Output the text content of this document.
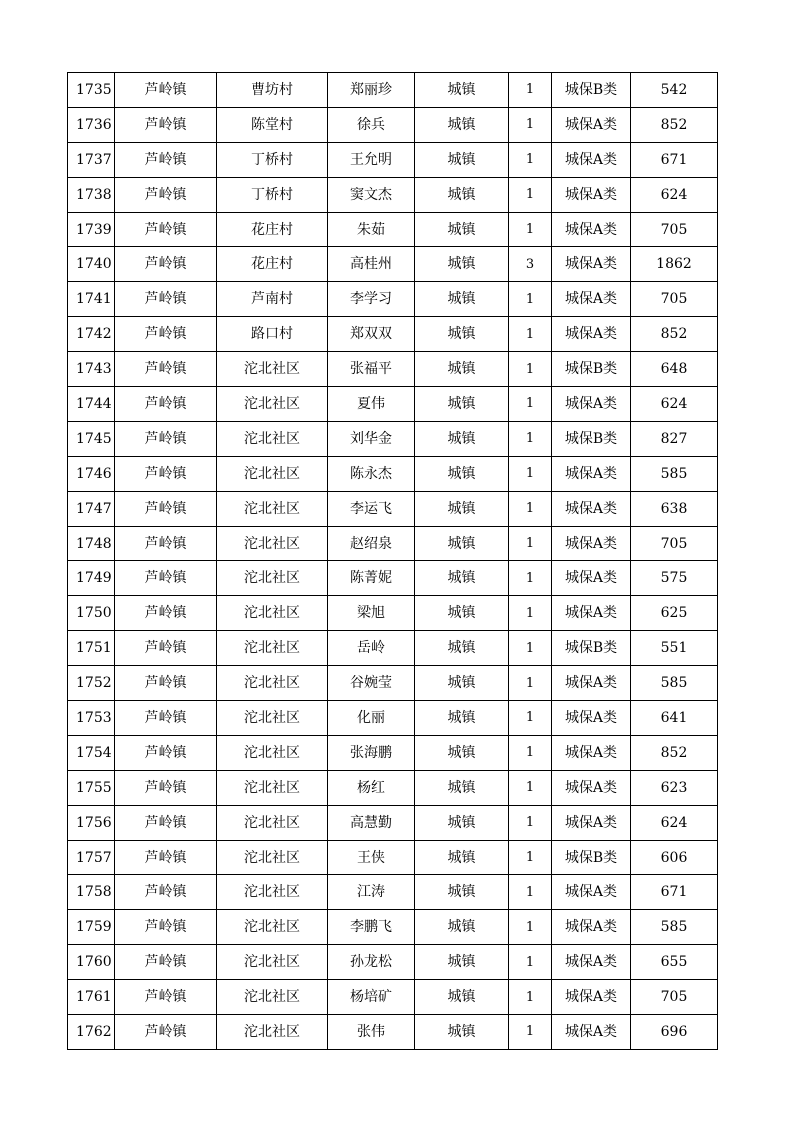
1735	芦岭镇	曹坊村	郑丽珍	城镇	1	城保B类	542
1736	芦岭镇	陈堂村	徐兵	城镇	1	城保A类	852
1737	芦岭镇	丁桥村	王允明	城镇	1	城保A类	671
1738	芦岭镇	丁桥村	窦文杰	城镇	1	城保A类	624
1739	芦岭镇	花庄村	朱茹	城镇	1	城保A类	705
1740	芦岭镇	花庄村	高桂州	城镇	3	城保A类	1862
1741	芦岭镇	芦南村	李学习	城镇	1	城保A类	705
1742	芦岭镇	路口村	郑双双	城镇	1	城保A类	852
1743	芦岭镇	沱北社区	张福平	城镇	1	城保B类	648
1744	芦岭镇	沱北社区	夏伟	城镇	1	城保A类	624
1745	芦岭镇	沱北社区	刘华金	城镇	1	城保B类	827
1746	芦岭镇	沱北社区	陈永杰	城镇	1	城保A类	585
1747	芦岭镇	沱北社区	李运飞	城镇	1	城保A类	638
1748	芦岭镇	沱北社区	赵绍泉	城镇	1	城保A类	705
1749	芦岭镇	沱北社区	陈菁妮	城镇	1	城保A类	575
1750	芦岭镇	沱北社区	梁旭	城镇	1	城保A类	625
1751	芦岭镇	沱北社区	岳岭	城镇	1	城保B类	551
1752	芦岭镇	沱北社区	谷婉莹	城镇	1	城保A类	585
1753	芦岭镇	沱北社区	化丽	城镇	1	城保A类	641
1754	芦岭镇	沱北社区	张海鹏	城镇	1	城保A类	852
1755	芦岭镇	沱北社区	杨红	城镇	1	城保A类	623
1756	芦岭镇	沱北社区	高慧勤	城镇	1	城保A类	624
1757	芦岭镇	沱北社区	王侠	城镇	1	城保B类	606
1758	芦岭镇	沱北社区	江涛	城镇	1	城保A类	671
1759	芦岭镇	沱北社区	李鹏飞	城镇	1	城保A类	585
1760	芦岭镇	沱北社区	孙龙松	城镇	1	城保A类	655
1761	芦岭镇	沱北社区	杨培矿	城镇	1	城保A类	705
1762	芦岭镇	沱北社区	张伟	城镇	1	城保A类	696
